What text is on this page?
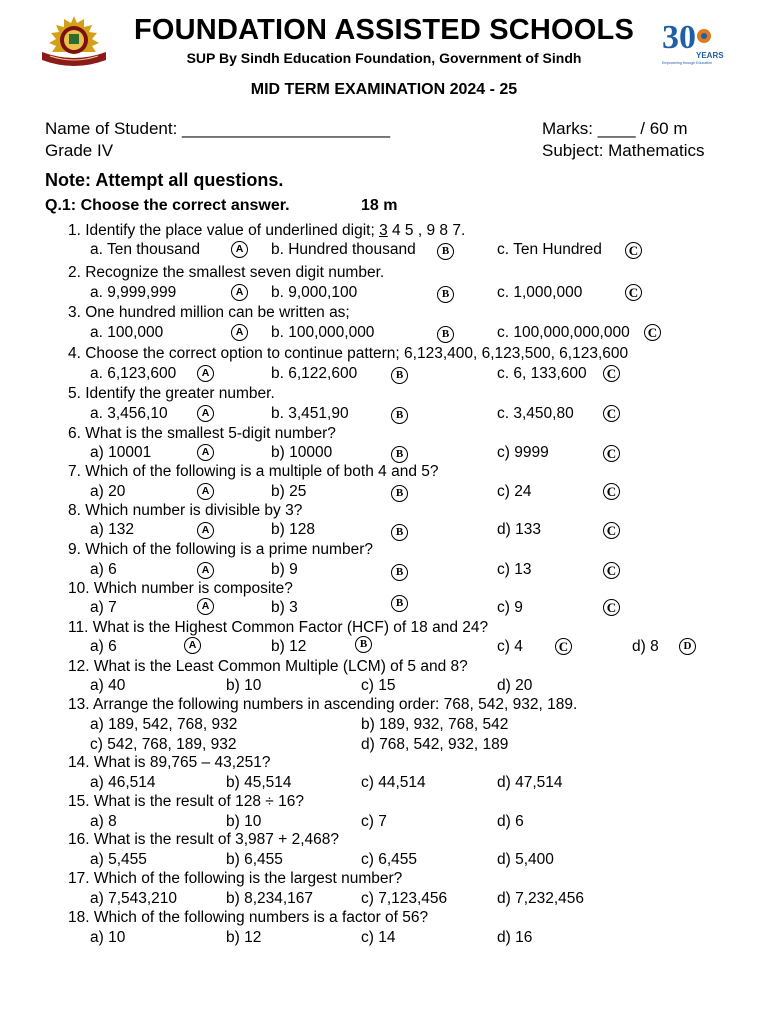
FOUNDATION ASSISTED SCHOOLS
SUP By Sindh Education Foundation, Government of Sindh
30 YEARS
Empowering through Education
MID TERM EXAMINATION 2024 - 25
Name of Student: ______________________	Marks: ____ / 60 m
Grade IV	Subject: Mathematics
Note: Attempt all questions.
Q.1: Choose the correct answer.	18 m
1. Identify the place value of underlined digit; 3 4 5 , 9 8 7.
a. Ten thousand	A	b. Hundred thousand	B	c. Ten Hundred C
2. Recognize the smallest seven digit number.
a. 9,999,999	A	b. 9,000,100	B	c. 1,000,000	C
3. One hundred million can be written as;
a. 100,000	A	b. 100,000,000	B	c. 100,000,000,000 C
4. Choose the correct option to continue pattern; 6,123,400, 6,123,500, 6,123,600
a. 6,123,600	A	b. 6,122,600	B	c. 6, 133,600 C
5. Identify the greater number.
a. 3,456,10	A	b. 3,451,90	B	c. 3,450,80	C
6. What is the smallest 5-digit number?
a) 10001	A	b) 10000	B	c) 9999	C
7. Which of the following is a multiple of both 4 and 5?
a) 20	A	b) 25	B	c) 24	C
8. Which number is divisible by 3?
a) 132	A	b) 128	B	d) 133	C
9. Which of the following is a prime number?
a) 6	A	b) 9	B	c) 13	C
10. Which number is composite?
a) 7	A	b) 3	B	c) 9	C
11. What is the Highest Common Factor (HCF) of 18 and 24?
a) 6	A	b) 12	B	c) 4	C	d) 8	D
12. What is the Least Common Multiple (LCM) of 5 and 8?
a) 40	b) 10	c) 15	d) 20
13. Arrange the following numbers in ascending order: 768, 542, 932, 189.
a) 189, 542, 768, 932	b) 189, 932, 768, 542
c) 542, 768, 189, 932	d) 768, 542, 932, 189
14. What is 89,765 – 43,251?
a) 46,514	b) 45,514	c) 44,514	d) 47,514
15. What is the result of 128 ÷ 16?
a) 8	b) 10	c) 7	d) 6
16. What is the result of 3,987 + 2,468?
a) 5,455	b) 6,455	c) 6,455	d) 5,400
17. Which of the following is the largest number?
a) 7,543,210	b) 8,234,167	c) 7,123,456	d) 7,232,456
18. Which of the following numbers is a factor of 56?
a) 10	b) 12	c) 14	d) 16
